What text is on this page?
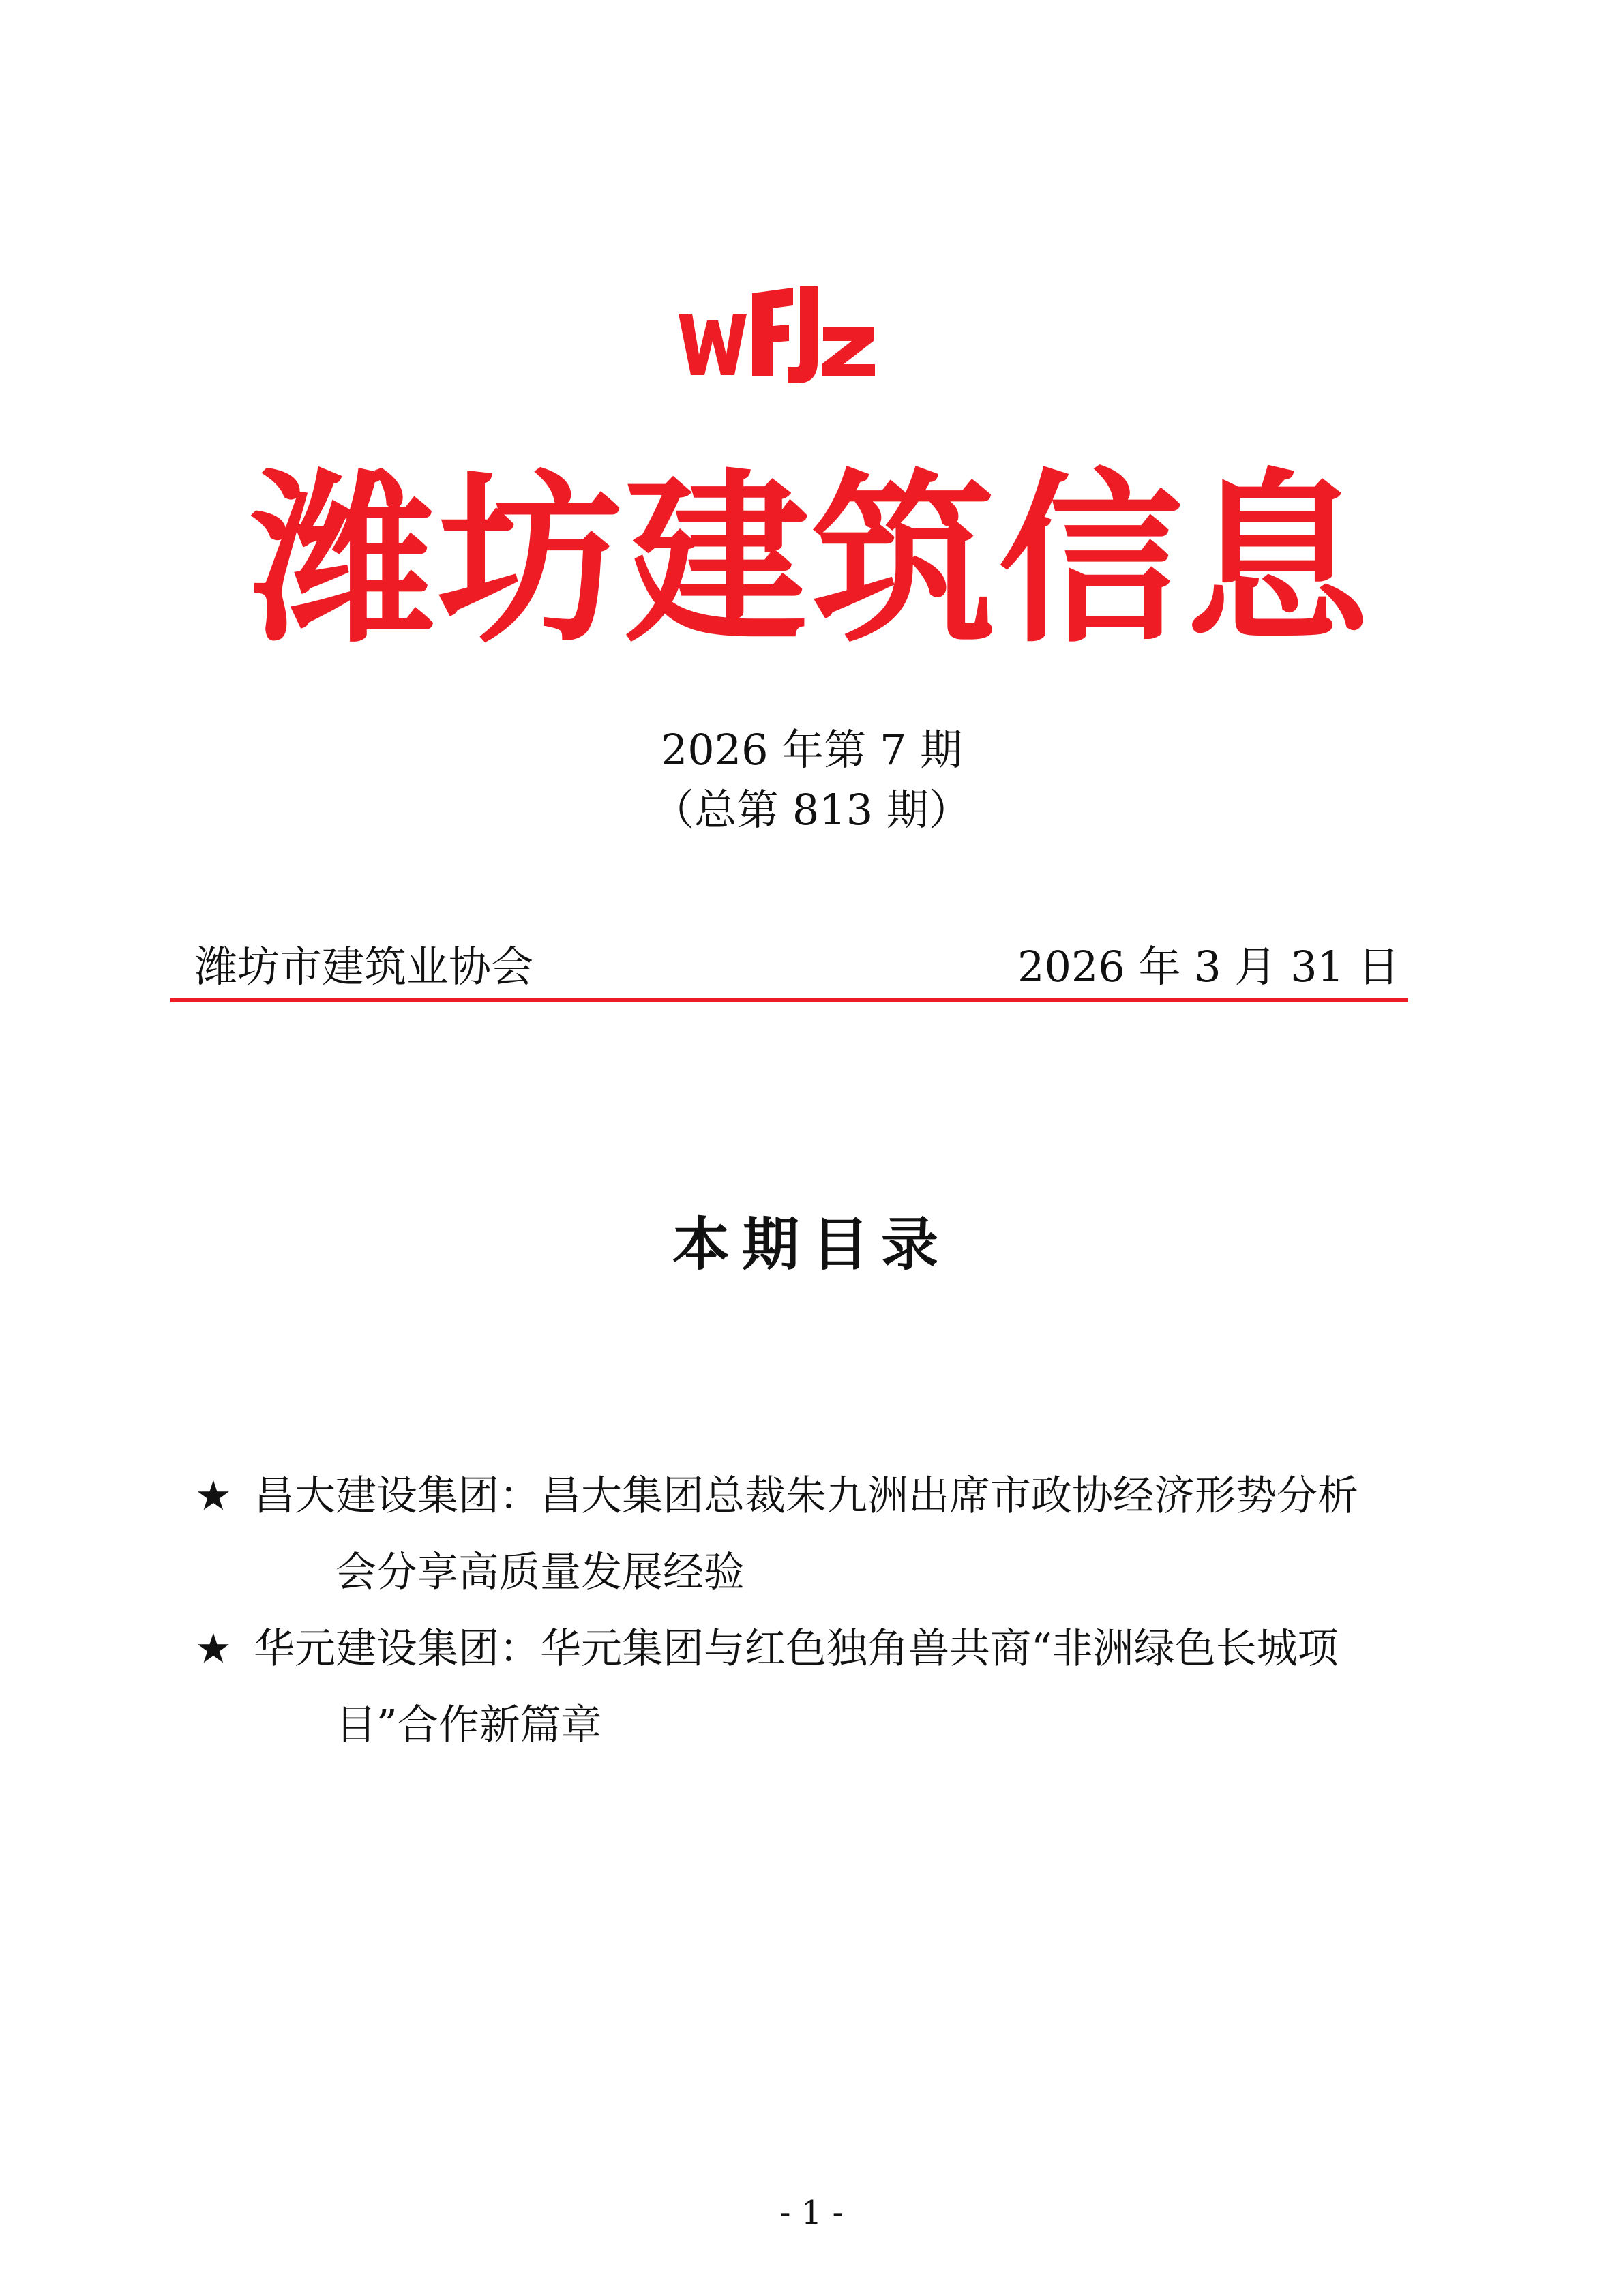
潍坊建筑信息
2026 年第 7 期
（总第 813 期）
潍坊市建筑业协会	2026 年 3 月 31 日
本期目录
★ 昌大建设集团：昌大集团总裁朱九洲出席市政协经济形势分析
会分享高质量发展经验
★ 华元建设集团：华元集团与红色独角兽共商“非洲绿色长城项
目”合作新篇章
- 1 -
